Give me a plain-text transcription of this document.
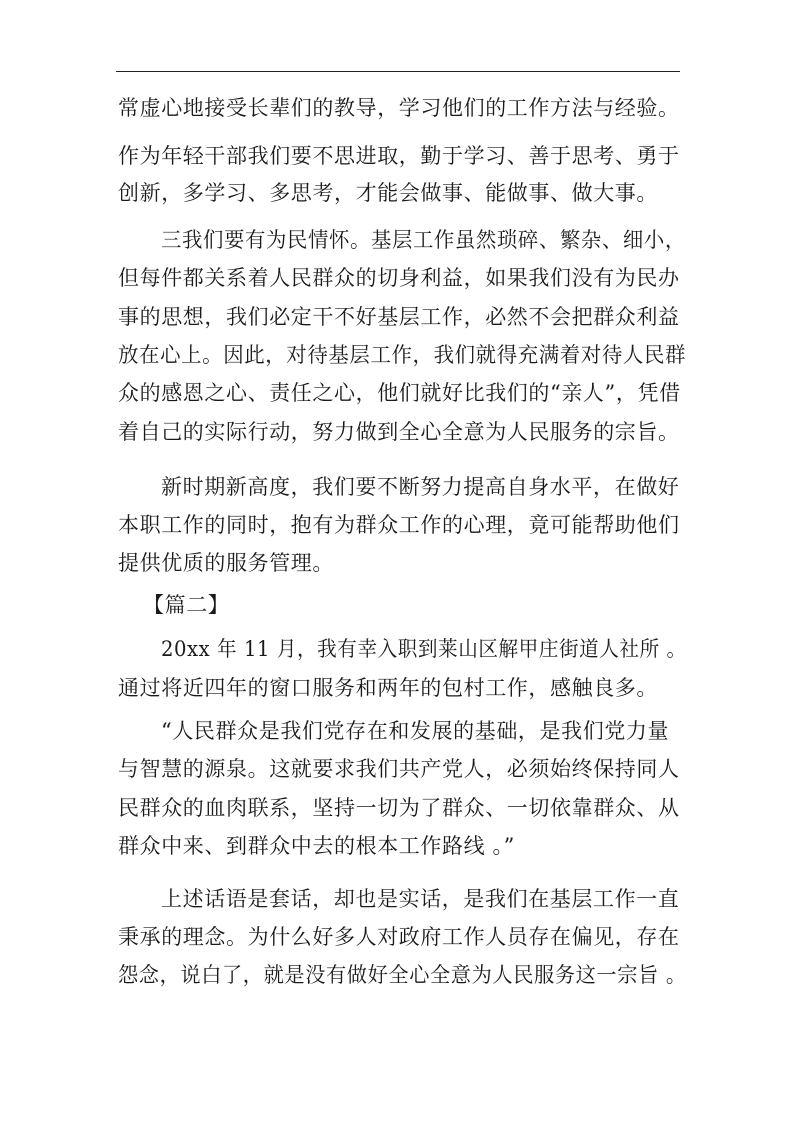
常虚心地接受长辈们的教导，学习他们的工作方法与经验。
作为年轻干部我们要不思进取，勤于学习、善于思考、勇于
创新，多学习、多思考，才能会做事、能做事、做大事。
三我们要有为民情怀。基层工作虽然琐碎、繁杂、细小，
但每件都关系着人民群众的切身利益，如果我们没有为民办
事的思想，我们必定干不好基层工作，必然不会把群众利益
放在心上。因此，对待基层工作，我们就得充满着对待人民群
众的感恩之心、责任之心，他们就好比我们的“亲人”，凭借
着自己的实际行动，努力做到全心全意为人民服务的宗旨。
新时期新高度，我们要不断努力提高自身水平，在做好
本职工作的同时，抱有为群众工作的心理，竟可能帮助他们
提供优质的服务管理。
【篇二】
20xx 年 11 月，我有幸入职到莱山区解甲庄街道人社所 。
通过将近四年的窗口服务和两年的包村工作，感触良多。
“人民群众是我们党存在和发展的基础，是我们党力量
与智慧的源泉。这就要求我们共产党人，必须始终保持同人
民群众的血肉联系，坚持一切为了群众、一切依靠群众、从
群众中来、到群众中去的根本工作路线 。”
上述话语是套话，却也是实话，是我们在基层工作一直
秉承的理念。为什么好多人对政府工作人员存在偏见，存在
怨念，说白了，就是没有做好全心全意为人民服务这一宗旨 。
